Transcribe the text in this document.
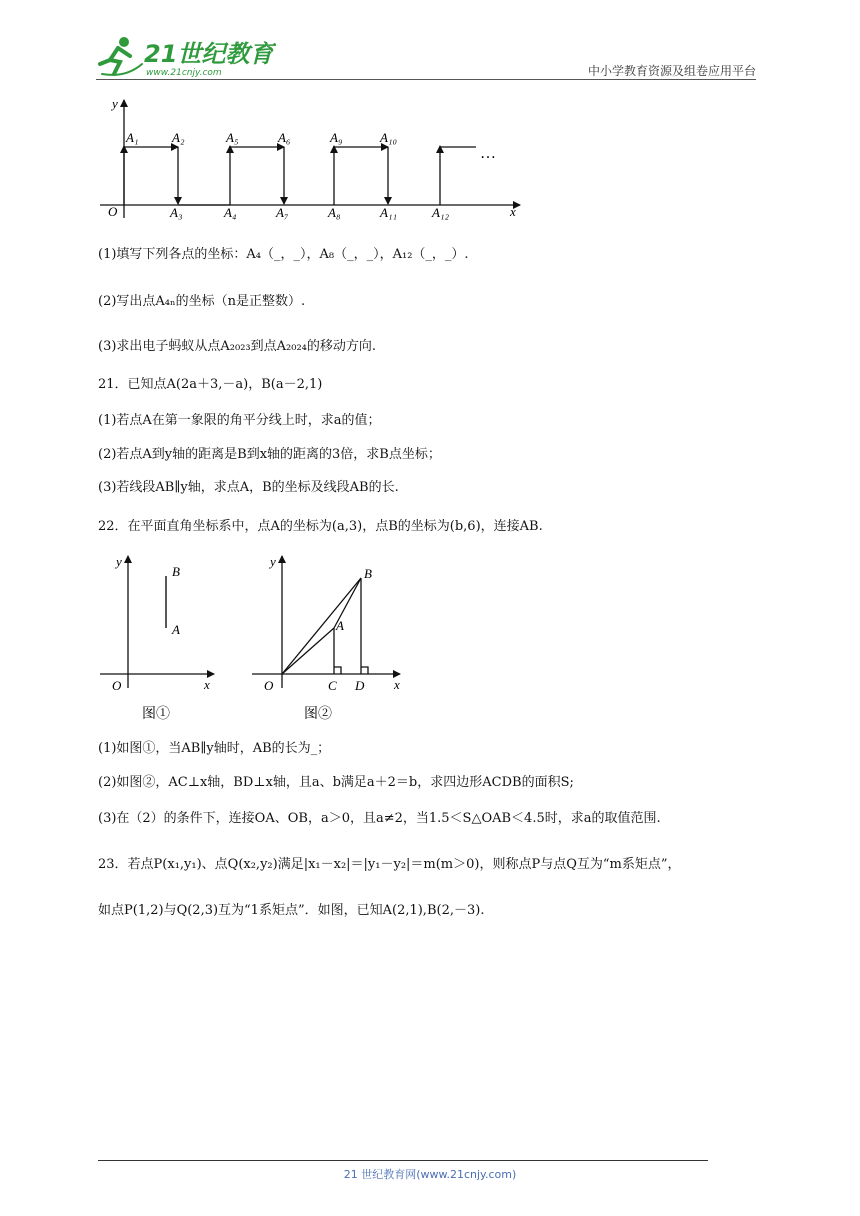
21世纪教育
www.21cnjy.com	中小学教育资源及组卷应用平台
y
x
O
…
A₁	A₂	A₅	A₆	A₉	A₁₀
A₃	A₄	A₇	A₈	A₁₁	A₁₂
(1)填写下列各点的坐标：A₄（_，_），A₈（_，_），A₁₂（_，_）.
(2)写出点A₄ₙ的坐标（n是正整数）.
(3)求出电子蚂蚁从点A₂₀₂₃到点A₂₀₂₄的移动方向.
21．已知点A(2a＋3,－a)，B(a－2,1)
(1)若点A在第一象限的角平分线上时，求a的值；
(2)若点A到y轴的距离是B到x轴的距离的3倍，求B点坐标；
(3)若线段AB∥y轴，求点A，B的坐标及线段AB的长.
22．在平面直角坐标系中，点A的坐标为(a,3)，点B的坐标为(b,6)，连接AB.
y
x
O
B
A
图①
y
x
O
B
A
C D
图②
(1)如图①，当AB∥y轴时，AB的长为_；
(2)如图②，AC⊥x轴，BD⊥x轴，且a、b满足a＋2＝b，求四边形ACDB的面积S;
(3)在（2）的条件下，连接OA、OB，a＞0，且a≠2，当1.5＜S△OAB＜4.5时，求a的取值范围.
23．若点P(x₁,y₁)、点Q(x₂,y₂)满足|x₁－x₂|＝|y₁－y₂|＝m(m＞0)，则称点P与点Q互为“m系矩点”，
如点P(1,2)与Q(2,3)互为“1系矩点”．如图，已知A(2,1),B(2,－3).
21 世纪教育网(www.21cnjy.com)
